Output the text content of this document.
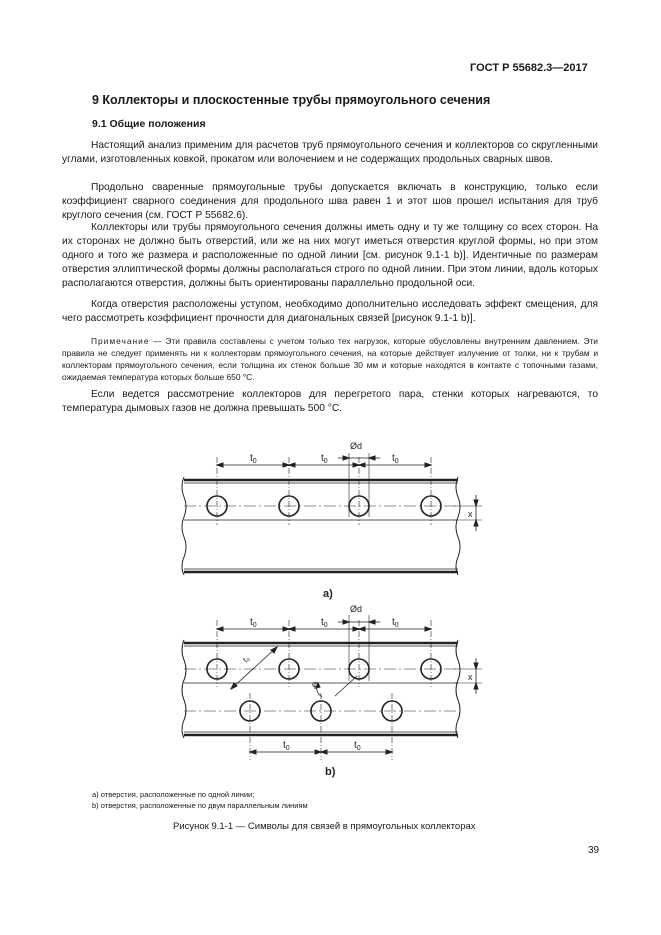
ГОСТ Р 55682.3—2017
9 Коллекторы и плоскостенные трубы прямоугольного сечения
9.1 Общие положения

Настоящий анализ применим для расчетов труб прямоугольного сечения и коллекторов со скругленными углами, изготовленных ковкой, прокатом или волочением и не содержащих продольных сварных швов.

Продольно сваренные прямоугольные трубы допускается включать в конструкцию, только если коэффициент сварного соединения для продольного шва равен 1 и этот шов прошел испытания для труб круглого сечения (см. ГОСТ Р 55682.6).

Коллекторы или трубы прямоугольного сечения должны иметь одну и ту же толщину со всех сторон. На их сторонах не должно быть отверстий, или же на них могут иметься отверстия круглой формы, но при этом одного и того же размера и расположенные по одной линии [см. рисунок 9.1-1 b)]. Идентичные по размерам отверстия эллиптической формы должны располагаться строго по одной линии. При этом линии, вдоль которых располагаются отверстия, должны быть ориентированы параллельно продольной оси.

Когда отверстия расположены уступом, необходимо дополнительно исследовать эффект смещения, для чего рассмотреть коэффициент прочности для диагональных связей [рисунок 9.1-1 b)].

Примечание — Эти правила составлены с учетом только тех нагрузок, которые обусловлены внутренним давлением. Эти правила не следует применять ни к коллекторам прямоугольного сечения, на которые действует излучение от толки, ни к трубам и коллекторам прямоугольного сечения, если толщина их стенок больше 30 мм и которые находятся в контакте с топочными газами, ожидаемая температура которых больше 650 °С.

Если ведется рассмотрение коллекторов для перегретого пара, стенки которых нагреваются, то температура дымовых газов не должна превышать 500 °С.

$t_0$	$t_0$	$t_0$
Ød
x
a)
$t_0$	$t_0$	$t_0$
Ød
x
t₀
φ
$t_0$	$t_0$
b)
а) отверстия, расположенные по одной линии;
b) отверстия, расположенные по двум параллельным линиям
Рисунок 9.1-1 — Символы для связей в прямоугольных коллекторах
39
